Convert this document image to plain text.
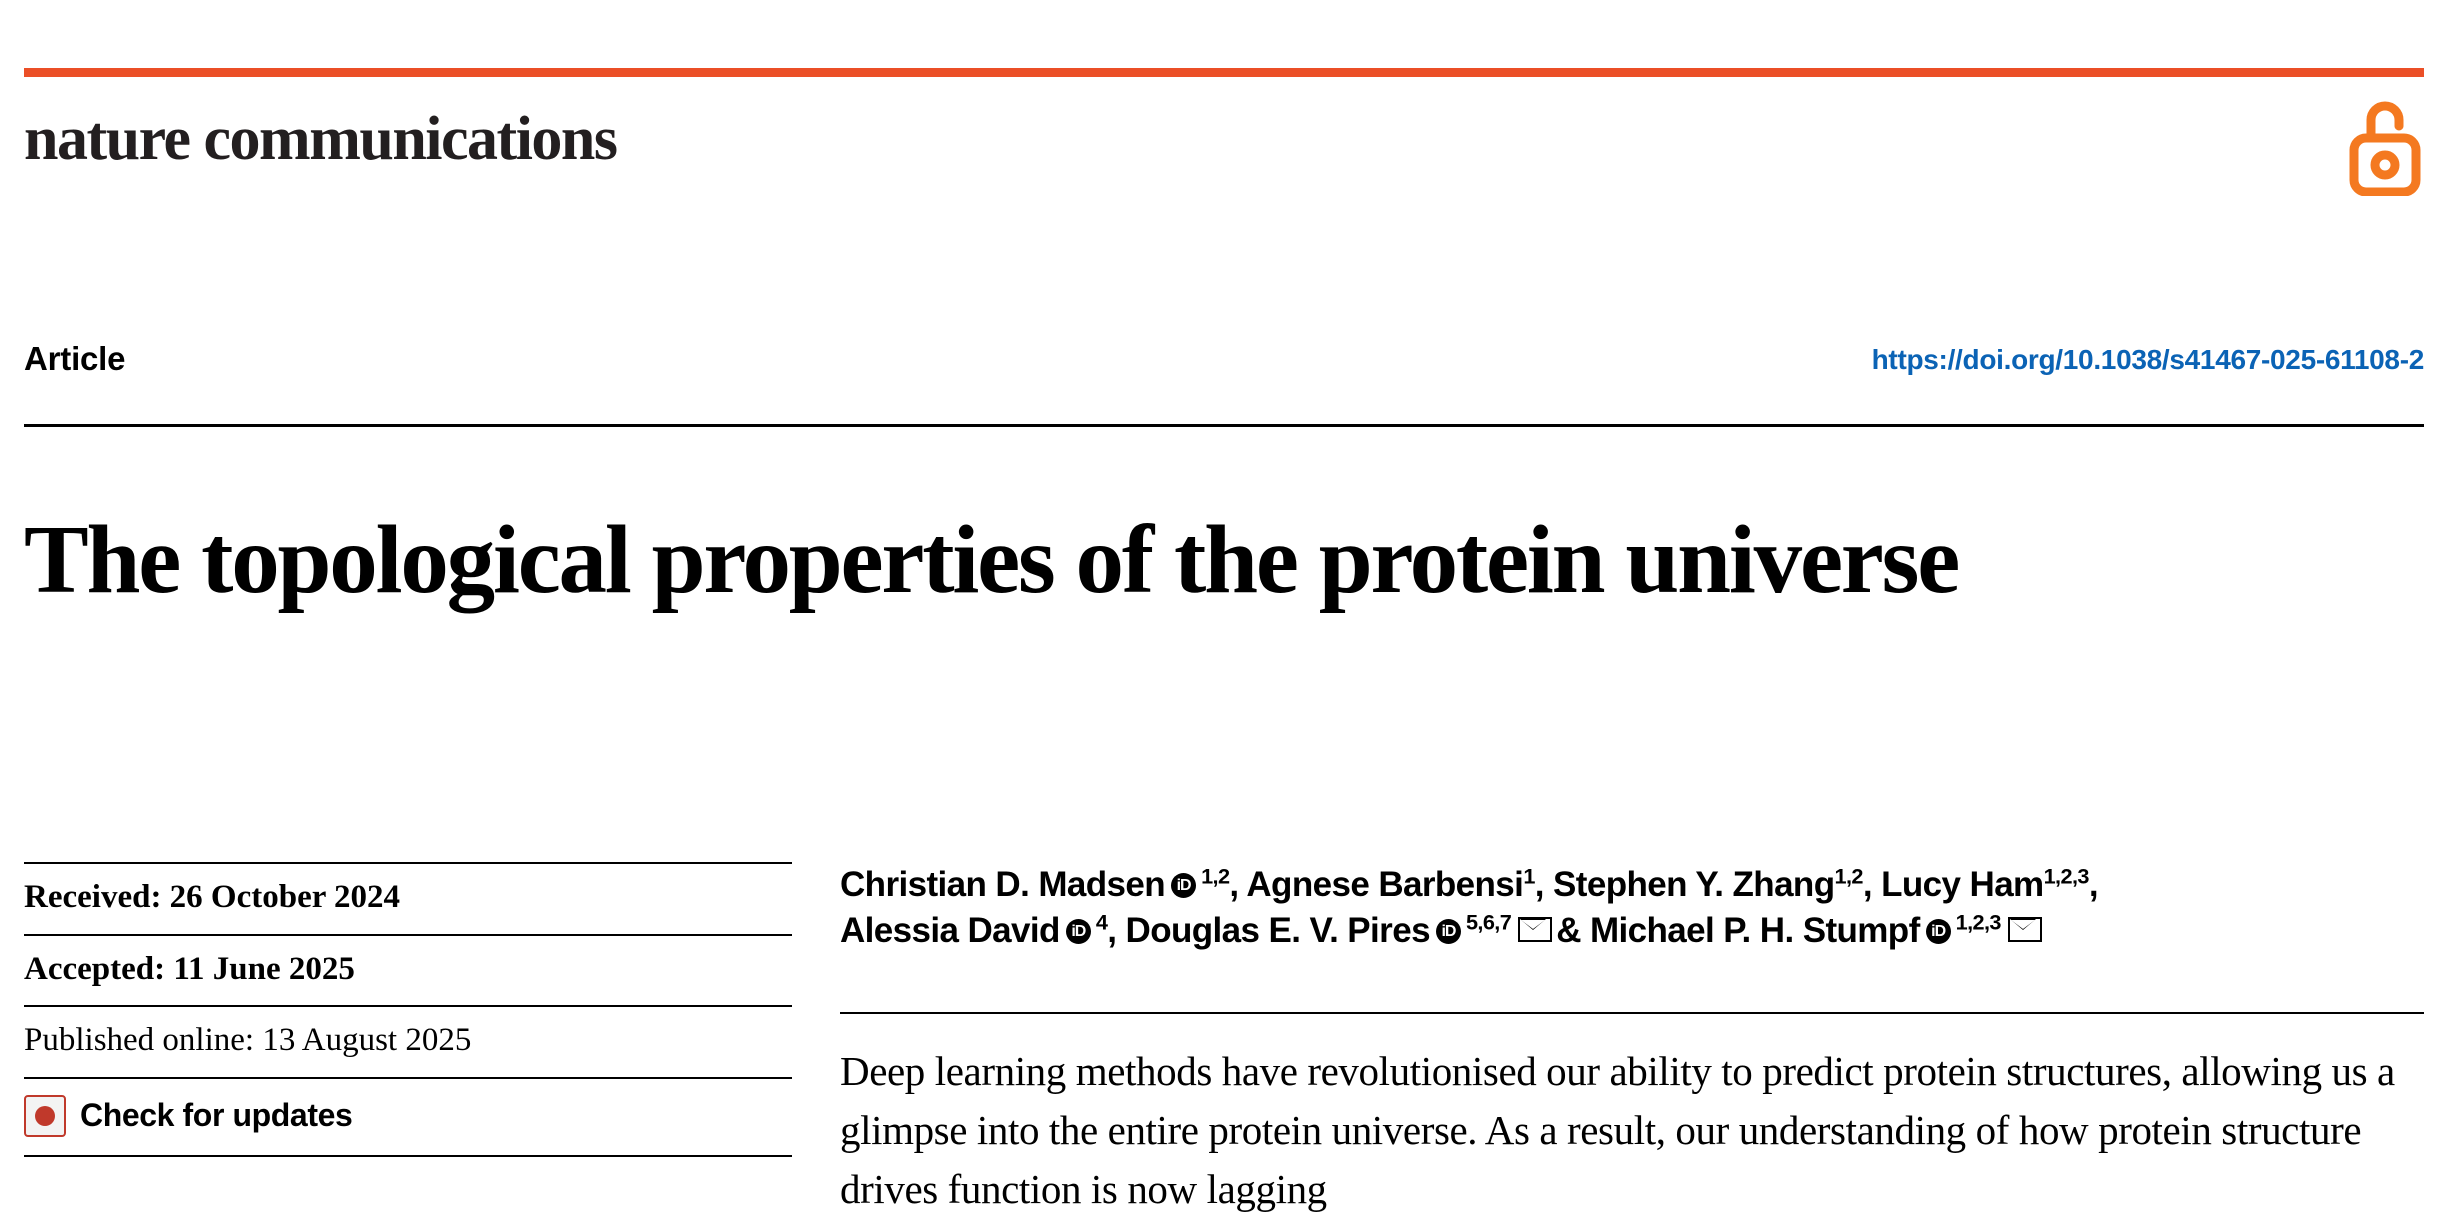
nature communications
Article	https://doi.org/10.1038/s41467-025-61108-2
The topological properties of the protein universe
Received: 26 October 2024
Accepted: 11 June 2025
Published online: 13 August 2025
Check for updates
Christian D. Madsen iD $^{1,2}$, Agnese Barbensi$^1$, Stephen Y. Zhang$^{1,2}$, Lucy Ham$^{1,2,3}$,
Alessia David iD $^4$, Douglas E. V. Pires iD $^{5,6,7}$ & Michael P. H. Stumpf iD $^{1,2,3}$
Deep learning methods have revolutionised our ability to predict protein structures, allowing us a glimpse into the entire protein universe. As a result, our understanding of how protein structure drives function is now lagging
